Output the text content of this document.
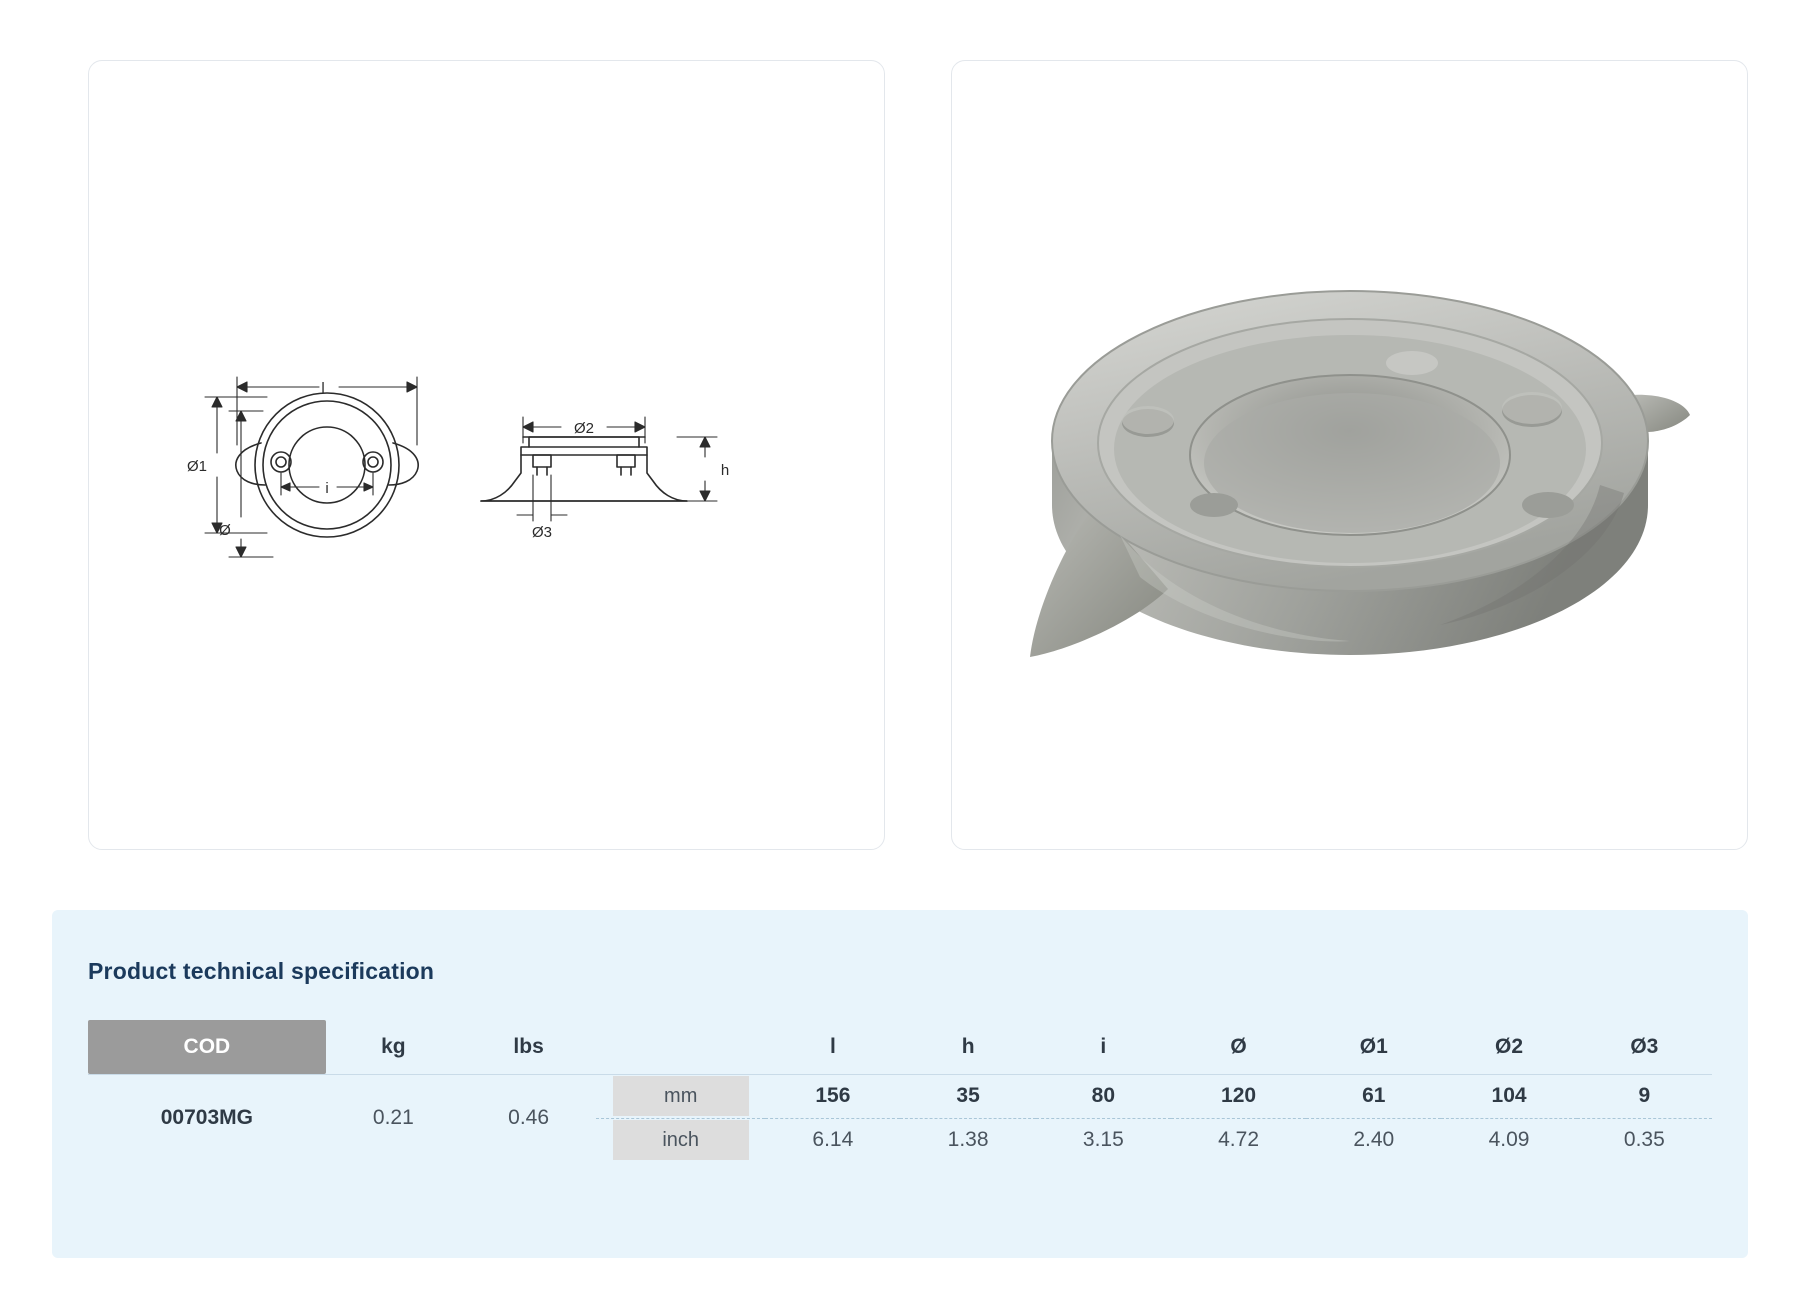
l
Ø1
Ø
i
Ø2
Ø3
h
Product technical specification
COD	kg	lbs		l	h	i	Ø	Ø1	Ø2	Ø3
00703MG	0.21	0.46	mm	156	35	80	120	61	104	9
			inch	6.14	1.38	3.15	4.72	2.40	4.09	0.35
